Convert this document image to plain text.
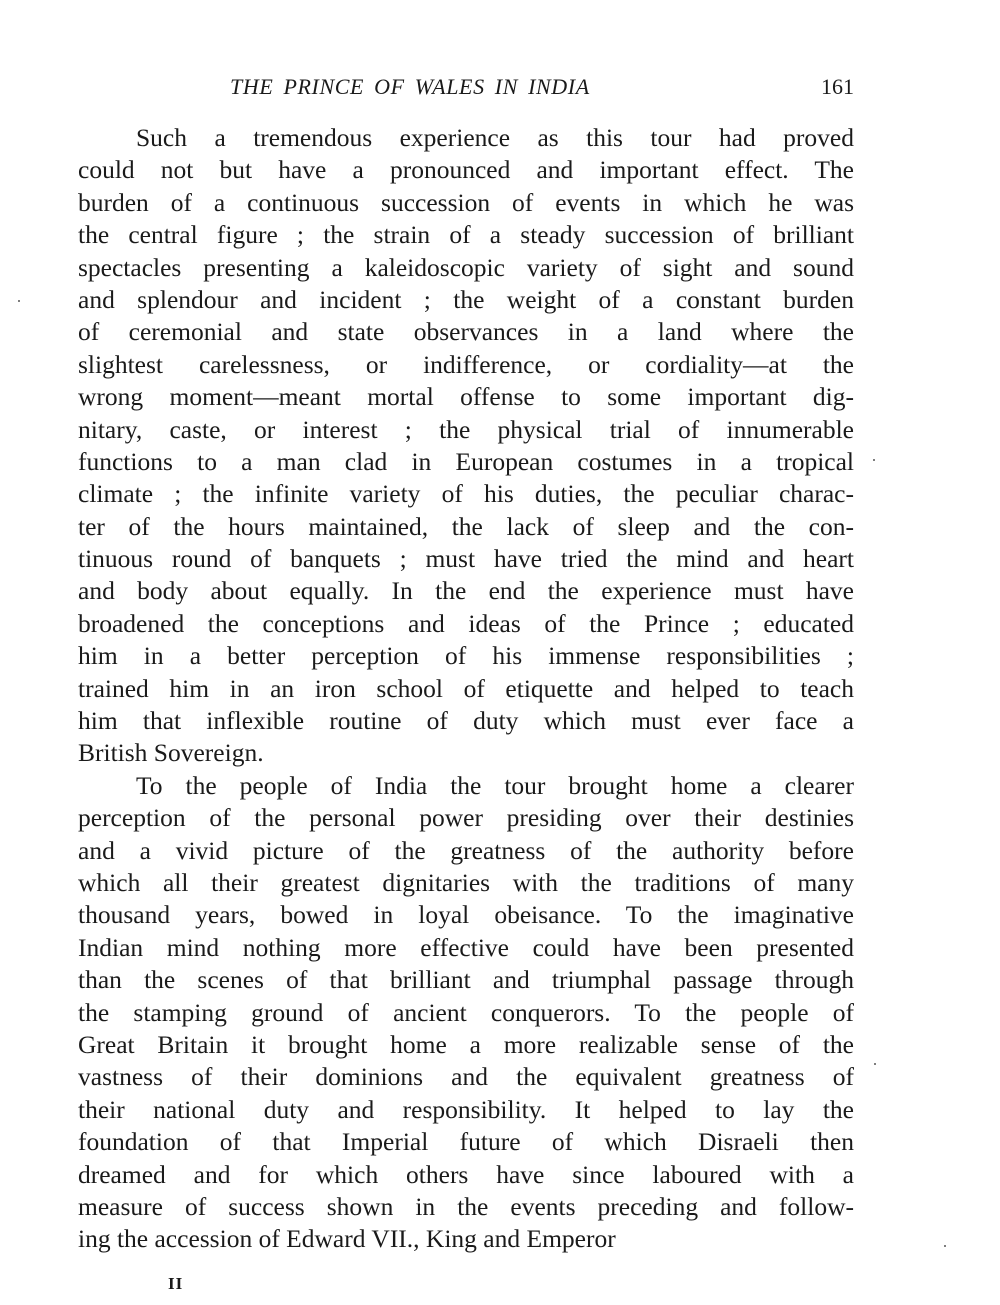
THE PRINCE OF WALES IN INDIA	161
Such a tremendous experience as this tour had proved
could not but have a pronounced and important effect. The
burden of a continuous succession of events in which he was
the central figure ; the strain of a steady succession of brilliant
spectacles presenting a kaleidoscopic variety of sight and sound
and splendour and incident ; the weight of a constant burden
of ceremonial and state observances in a land where the
slightest carelessness, or indifference, or cordiality—at the
wrong moment—meant mortal offense to some important dig-
nitary, caste, or interest ; the physical trial of innumerable
functions to a man clad in European costumes in a tropical
climate ; the infinite variety of his duties, the peculiar charac-
ter of the hours maintained, the lack of sleep and the con-
tinuous round of banquets ; must have tried the mind and heart
and body about equally. In the end the experience must have
broadened the conceptions and ideas of the Prince ; educated
him in a better perception of his immense responsibilities ;
trained him in an iron school of etiquette and helped to teach
him that inflexible routine of duty which must ever face a
British Sovereign.
To the people of India the tour brought home a clearer
perception of the personal power presiding over their destinies
and a vivid picture of the greatness of the authority before
which all their greatest dignitaries with the traditions of many
thousand years, bowed in loyal obeisance. To the imaginative
Indian mind nothing more effective could have been presented
than the scenes of that brilliant and triumphal passage through
the stamping ground of ancient conquerors. To the people of
Great Britain it brought home a more realizable sense of the
vastness of their dominions and the equivalent greatness of
their national duty and responsibility. It helped to lay the
foundation of that Imperial future of which Disraeli then
dreamed and for which others have since laboured with a
measure of success shown in the events preceding and follow-
ing the accession of Edward VII., King and Emperor
II
